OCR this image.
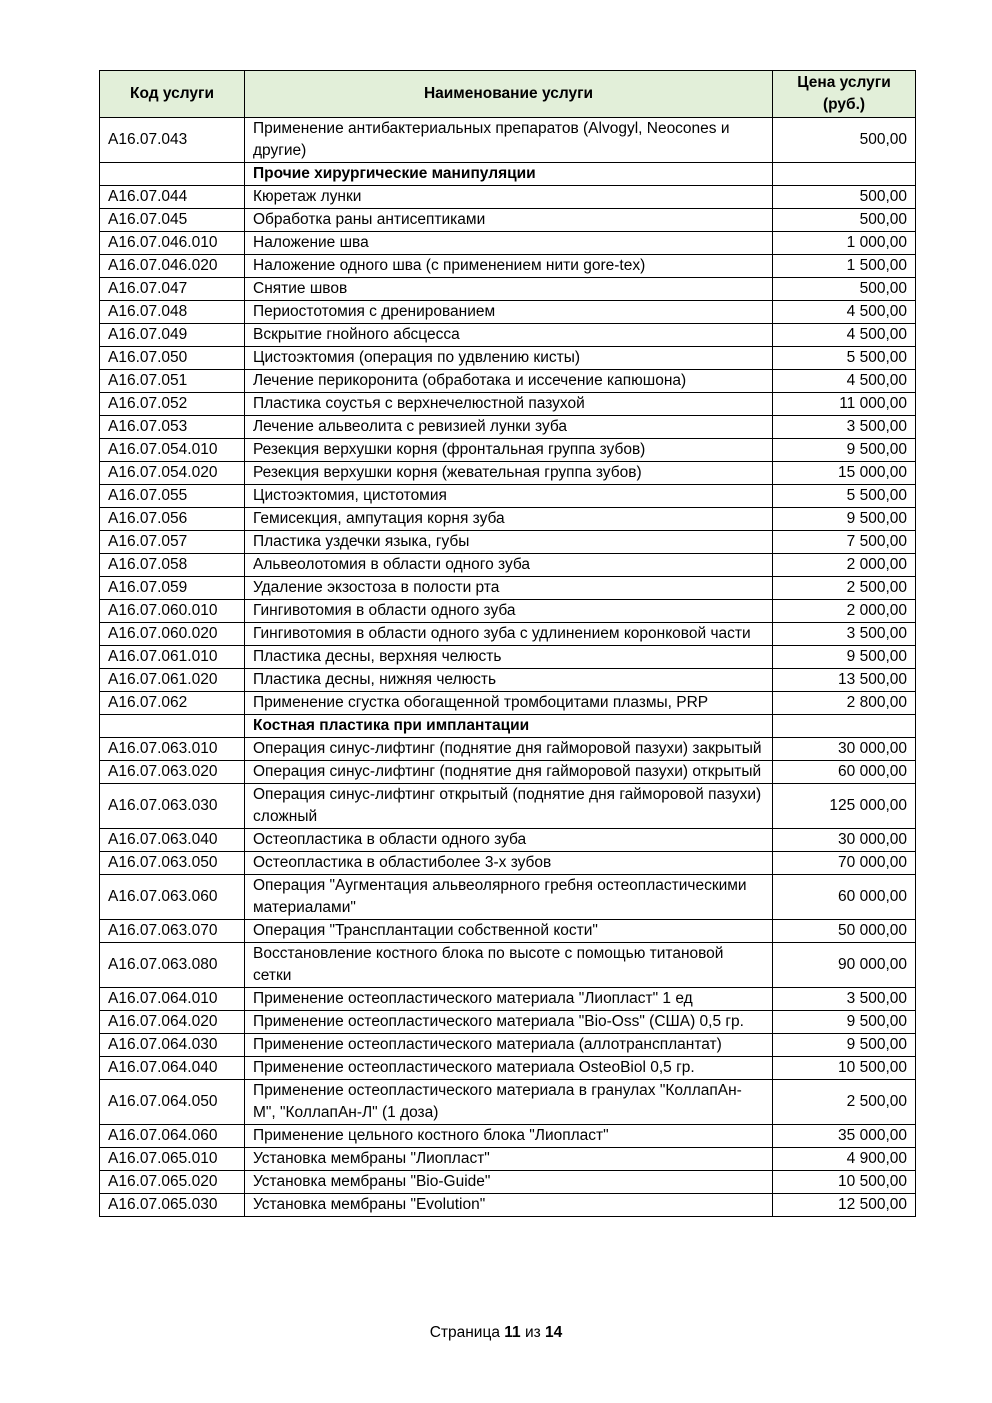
Код услуги	Наименование услуги	Цена услуги (руб.)
A16.07.043	Применение антибактериальных препаратов (Alvogyl, Neocones и другие)	500,00
	Прочие хирургические манипуляции	
A16.07.044	Кюретаж лунки	500,00
A16.07.045	Обработка раны антисептиками	500,00
A16.07.046.010	Наложение шва	1 000,00
A16.07.046.020	Наложение одного шва (с применением нити gore-tex)	1 500,00
A16.07.047	Снятие швов	500,00
A16.07.048	Периостотомия с дренированием	4 500,00
A16.07.049	Вскрытие гнойного абсцесса	4 500,00
A16.07.050	Цистоэктомия (операция по удвлению кисты)	5 500,00
A16.07.051	Лечение перикоронита (обработака и иссечение капюшона)	4 500,00
A16.07.052	Пластика соустья с верхнечелюстной пазухой	11 000,00
A16.07.053	Лечение альвеолита с ревизией лунки зуба	3 500,00
A16.07.054.010	Резекция верхушки корня (фронтальная группа зубов)	9 500,00
A16.07.054.020	Резекция верхушки корня (жевательная группа зубов)	15 000,00
A16.07.055	Цистоэктомия, цистотомия	5 500,00
A16.07.056	Гемисекция, ампутация корня зуба	9 500,00
A16.07.057	Пластика уздечки языка, губы	7 500,00
A16.07.058	Альвеолотомия в области одного зуба	2 000,00
A16.07.059	Удаление экзостоза в полости рта	2 500,00
A16.07.060.010	Гингивотомия в области одного зуба	2 000,00
A16.07.060.020	Гингивотомия в области одного зуба с удлинением коронковой части	3 500,00
A16.07.061.010	Пластика десны, верхняя челюсть	9 500,00
A16.07.061.020	Пластика десны, нижняя челюсть	13 500,00
A16.07.062	Применение сгустка обогащенной тромбоцитами плазмы, PRP	2 800,00
	Костная пластика при имплантации	
A16.07.063.010	Операция синус-лифтинг (поднятие дня гайморовой пазухи) закрытый	30 000,00
A16.07.063.020	Операция синус-лифтинг (поднятие дня гайморовой пазухи) открытый	60 000,00
A16.07.063.030	Операция синус-лифтинг открытый (поднятие дня гайморовой пазухи) сложный	125 000,00
A16.07.063.040	Остеопластика в области одного зуба	30 000,00
A16.07.063.050	Остеопластика в областиболее 3-х зубов	70 000,00
A16.07.063.060	Операция "Аугментация альвеолярного гребня остеопластическими материалами"	60 000,00
A16.07.063.070	Операция "Трансплантации собственной кости"	50 000,00
A16.07.063.080	Восстановление костного блока по высоте с помощью титановой сетки	90 000,00
A16.07.064.010	Применение остеопластического материала "Лиопласт" 1 ед	3 500,00
A16.07.064.020	Применение остеопластического материала "Bio-Oss" (США) 0,5 гр.	9 500,00
A16.07.064.030	Применение остеопластического материала (аллотрансплантат)	9 500,00
A16.07.064.040	Применение остеопластического материала OsteoBiol 0,5 гр.	10 500,00
A16.07.064.050	Применение остеопластического материала в гранулах "КоллапАн-М", "КоллапАн-Л" (1 доза)	2 500,00
A16.07.064.060	Применение цельного костного блока "Лиопласт"	35 000,00
A16.07.065.010	Установка мембраны "Лиопласт"	4 900,00
A16.07.065.020	Установка мембраны "Bio-Guide"	10 500,00
A16.07.065.030	Установка мембраны "Evolution"	12 500,00
Страница 11 из 14
